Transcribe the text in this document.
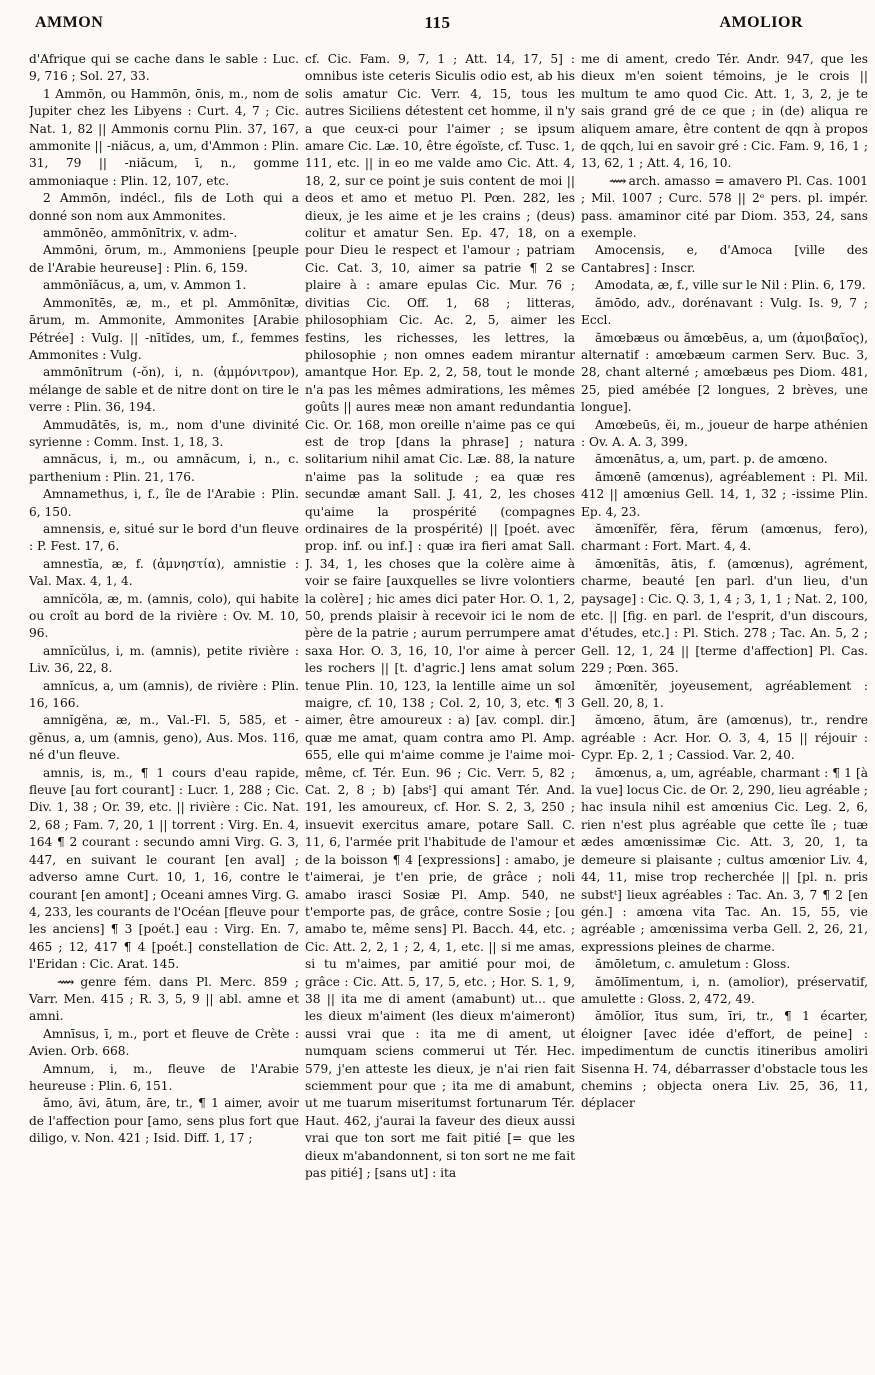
AMMON	115	AMOLIOR

d'Afrique qui se cache dans le sable : Luc. 9, 716 ; Sol. 27, 33.

1 Ammōn, ou Hammōn, ōnis, m., nom de Jupiter chez les Libyens : Curt. 4, 7 ; Cic. Nat. 1, 82 || Ammonis cornu Plin. 37, 167, ammonite || -niăcus, a, um, d'Ammon : Plin. 31, 79 || -niăcum, ī, n., gomme ammoniaque : Plin. 12, 107, etc.

2 Ammōn, indécl., fils de Loth qui a donné son nom aux Ammonites.

ammōnēo, ammōnītrix, v. adm-.

Ammōni, ōrum, m., Ammoniens [peuple de l'Arabie heureuse] : Plin. 6, 159.

ammōnĭăcus, a, um, v. Ammon 1.

Ammonītēs, æ, m., et pl. Ammōnītæ, ārum, m. Ammonite, Ammonites [Arabie Pétrée] : Vulg. || -nītĭdes, um, f., femmes Ammonites : Vulg.

ammōnītrum (-ŏn), i, n. (ἀμμόνιτρον), mélange de sable et de nitre dont on tire le verre : Plin. 36, 194.

Ammudātēs, is, m., nom d'une divinité syrienne : Comm. Inst. 1, 18, 3.

amnăcus, i, m., ou amnăcum, i, n., c. parthenium : Plin. 21, 176.

Amnamethus, i, f., île de l'Arabie : Plin. 6, 150.

amnensis, e, situé sur le bord d'un fleuve : P. Fest. 17, 6.

amnestĭa, æ, f. (ἀμνηστία), amnistie : Val. Max. 4, 1, 4.

amnĭcŏla, æ, m. (amnis, colo), qui habite ou croît au bord de la rivière : Ov. M. 10, 96.

amnĭcŭlus, i, m. (amnis), petite rivière : Liv. 36, 22, 8.

amnĭcus, a, um (amnis), de rivière : Plin. 16, 166.

amnĭgĕna, æ, m., Val.-Fl. 5, 585, et -gĕnus, a, um (amnis, geno), Aus. Mos. 116, né d'un fleuve.

amnis, is, m., ¶ 1 cours d'eau rapide, fleuve [au fort courant] : Lucr. 1, 288 ; Cic. Div. 1, 38 ; Or. 39, etc. || rivière : Cic. Nat. 2, 68 ; Fam. 7, 20, 1 || torrent : Virg. En. 4, 164 ¶ 2 courant : secundo amni Virg. G. 3, 447, en suivant le courant [en aval] ; adverso amne Curt. 10, 1, 16, contre le courant [en amont] ; Oceani amnes Virg. G. 4, 233, les courants de l'Océan [fleuve pour les anciens] ¶ 3 [poét.] eau : Virg. En. 7, 465 ; 12, 417 ¶ 4 [poét.] constellation de l'Eridan : Cic. Arat. 145.

⟿ genre fém. dans Pl. Merc. 859 ; Varr. Men. 415 ; R. 3, 5, 9 || abl. amne et amni.

Amnīsus, ī, m., port et fleuve de Crète : Avien. Orb. 668.

Amnum, i, m., fleuve de l'Arabie heureuse : Plin. 6, 151.

ămo, āvi, ātum, āre, tr., ¶ 1 aimer, avoir de l'affection pour [amo, sens plus fort que diligo, v. Non. 421 ; Isid. Diff. 1, 17 ;

cf. Cic. Fam. 9, 7, 1 ; Att. 14, 17, 5] : omnibus iste ceteris Siculis odio est, ab his solis amatur Cic. Verr. 4, 15, tous les autres Siciliens détestent cet homme, il n'y a que ceux-ci pour l'aimer ; se ipsum amare Cic. Læ. 10, être égoïste, cf. Tusc. 1, 111, etc. || in eo me valde amo Cic. Att. 4, 18, 2, sur ce point je suis content de moi || deos et amo et metuo Pl. Pœn. 282, les dieux, je les aime et je les crains ; (deus) colitur et amatur Sen. Ep. 47, 18, on a pour Dieu le respect et l'amour ; patriam Cic. Cat. 3, 10, aimer sa patrie ¶ 2 se plaire à : amare epulas Cic. Mur. 76 ; divitias Cic. Off. 1, 68 ; litteras, philosophiam Cic. Ac. 2, 5, aimer les festins, les richesses, les lettres, la philosophie ; non omnes eadem mirantur amantque Hor. Ep. 2, 2, 58, tout le monde n'a pas les mêmes admirations, les mêmes goûts || aures meæ non amant redundantia Cic. Or. 168, mon oreille n'aime pas ce qui est de trop [dans la phrase] ; natura solitarium nihil amat Cic. Læ. 88, la nature n'aime pas la solitude ; ea quæ res secundæ amant Sall. J. 41, 2, les choses qu'aime la prospérité (compagnes ordinaires de la prospérité) || [poét. avec prop. inf. ou inf.] : quæ ira fieri amat Sall. J. 34, 1, les choses que la colère aime à voir se faire [auxquelles se livre volontiers la colère] ; hic ames dici pater Hor. O. 1, 2, 50, prends plaisir à recevoir ici le nom de père de la patrie ; aurum perrumpere amat saxa Hor. O. 3, 16, 10, l'or aime à percer les rochers || [t. d'agric.] lens amat solum tenue Plin. 10, 123, la lentille aime un sol maigre, cf. 10, 138 ; Col. 2, 10, 3, etc. ¶ 3 aimer, être amoureux : a) [av. compl. dir.] quæ me amat, quam contra amo Pl. Amp. 655, elle qui m'aime comme je l'aime moi-même, cf. Tér. Eun. 96 ; Cic. Verr. 5, 82 ; Cat. 2, 8 ; b) [absᵗ] qui amant Tér. And. 191, les amoureux, cf. Hor. S. 2, 3, 250 ; insuevit exercitus amare, potare Sall. C. 11, 6, l'armée prit l'habitude de l'amour et de la boisson ¶ 4 [expressions] : amabo, je t'aimerai, je t'en prie, de grâce ; noli amabo irasci Sosiæ Pl. Amp. 540, ne t'emporte pas, de grâce, contre Sosie ; [ou amabo te, même sens] Pl. Bacch. 44, etc. ; Cic. Att. 2, 2, 1 ; 2, 4, 1, etc. || si me amas, si tu m'aimes, par amitié pour moi, de grâce : Cic. Att. 5, 17, 5, etc. ; Hor. S. 1, 9, 38 || ita me di ament (amabunt) ut... que les dieux m'aiment (les dieux m'aimeront) aussi vrai que : ita me di ament, ut numquam sciens commerui ut Tér. Hec. 579, j'en atteste les dieux, je n'ai rien fait sciemment pour que ; ita me di amabunt, ut me tuarum miseritumst fortunarum Tér. Haut. 462, j'aurai la faveur des dieux aussi vrai que ton sort me fait pitié [= que les dieux m'abandonnent, si ton sort ne me fait pas pitié] ; [sans ut] : ita

me di ament, credo Tér. Andr. 947, que les dieux m'en soient témoins, je le crois || multum te amo quod Cic. Att. 1, 3, 2, je te sais grand gré de ce que ; in (de) aliqua re aliquem amare, être content de qqn à propos de qqch, lui en savoir gré : Cic. Fam. 9, 16, 1 ; 13, 62, 1 ; Att. 4, 16, 10.

⟿ arch. amasso = amavero Pl. Cas. 1001 ; Mil. 1007 ; Curc. 578 || 2ᵉ pers. pl. impér. pass. amaminor cité par Diom. 353, 24, sans exemple.

Amocensis, e, d'Amoca [ville des Cantabres] : Inscr.

Amodata, æ, f., ville sur le Nil : Plin. 6, 179.

ămōdo, adv., dorénavant : Vulg. Is. 9, 7 ; Eccl.

ămœbæus ou ămœbēus, a, um (ἀμοιβαῖος), alternatif : amœbæum carmen Serv. Buc. 3, 28, chant alterné ; amœbæus pes Diom. 481, 25, pied amébée [2 longues, 2 brèves, une longue].

Amœbeūs, ĕi, m., joueur de harpe athénien : Ov. A. A. 3, 399.

ămœnātus, a, um, part. p. de amœno.

ămœnē (amœnus), agréablement : Pl. Mil. 412 || amœnius Gell. 14, 1, 32 ; -issime Plin. Ep. 4, 23.

ămœnĭfĕr, fĕra, fĕrum (amœnus, fero), charmant : Fort. Mart. 4, 4.

ămœnĭtās, ātis, f. (amœnus), agrément, charme, beauté [en parl. d'un lieu, d'un paysage] : Cic. Q. 3, 1, 4 ; 3, 1, 1 ; Nat. 2, 100, etc. || [fig. en parl. de l'esprit, d'un discours, d'études, etc.] : Pl. Stich. 278 ; Tac. An. 5, 2 ; Gell. 12, 1, 24 || [terme d'affection] Pl. Cas. 229 ; Pœn. 365.

ămœnĭtĕr, joyeusement, agréablement : Gell. 20, 8, 1.

ămœno, ātum, āre (amœnus), tr., rendre agréable : Acr. Hor. O. 3, 4, 15 || réjouir : Cypr. Ep. 2, 1 ; Cassiod. Var. 2, 40.

ămœnus, a, um, agréable, charmant : ¶ 1 [à la vue] locus Cic. de Or. 2, 290, lieu agréable ; hac insula nihil est amœnius Cic. Leg. 2, 6, rien n'est plus agréable que cette île ; tuæ ædes amœnissimæ Cic. Att. 3, 20, 1, ta demeure si plaisante ; cultus amœnior Liv. 4, 44, 11, mise trop recherchée || [pl. n. pris substᵗ] lieux agréables : Tac. An. 3, 7 ¶ 2 [en gén.] : amœna vita Tac. An. 15, 55, vie agréable ; amœnissima verba Gell. 2, 26, 21, expressions pleines de charme.

ămōletum, c. amuletum : Gloss.

ămōlīmentum, i, n. (amolior), préservatif, amulette : Gloss. 2, 472, 49.

ămōlĭor, ītus sum, īri, tr., ¶ 1 écarter, éloigner [avec idée d'effort, de peine] : impedimentum de cunctis itineribus amoliri Sisenna H. 74, débarrasser d'obstacle tous les chemins ; objecta onera Liv. 25, 36, 11, déplacer
